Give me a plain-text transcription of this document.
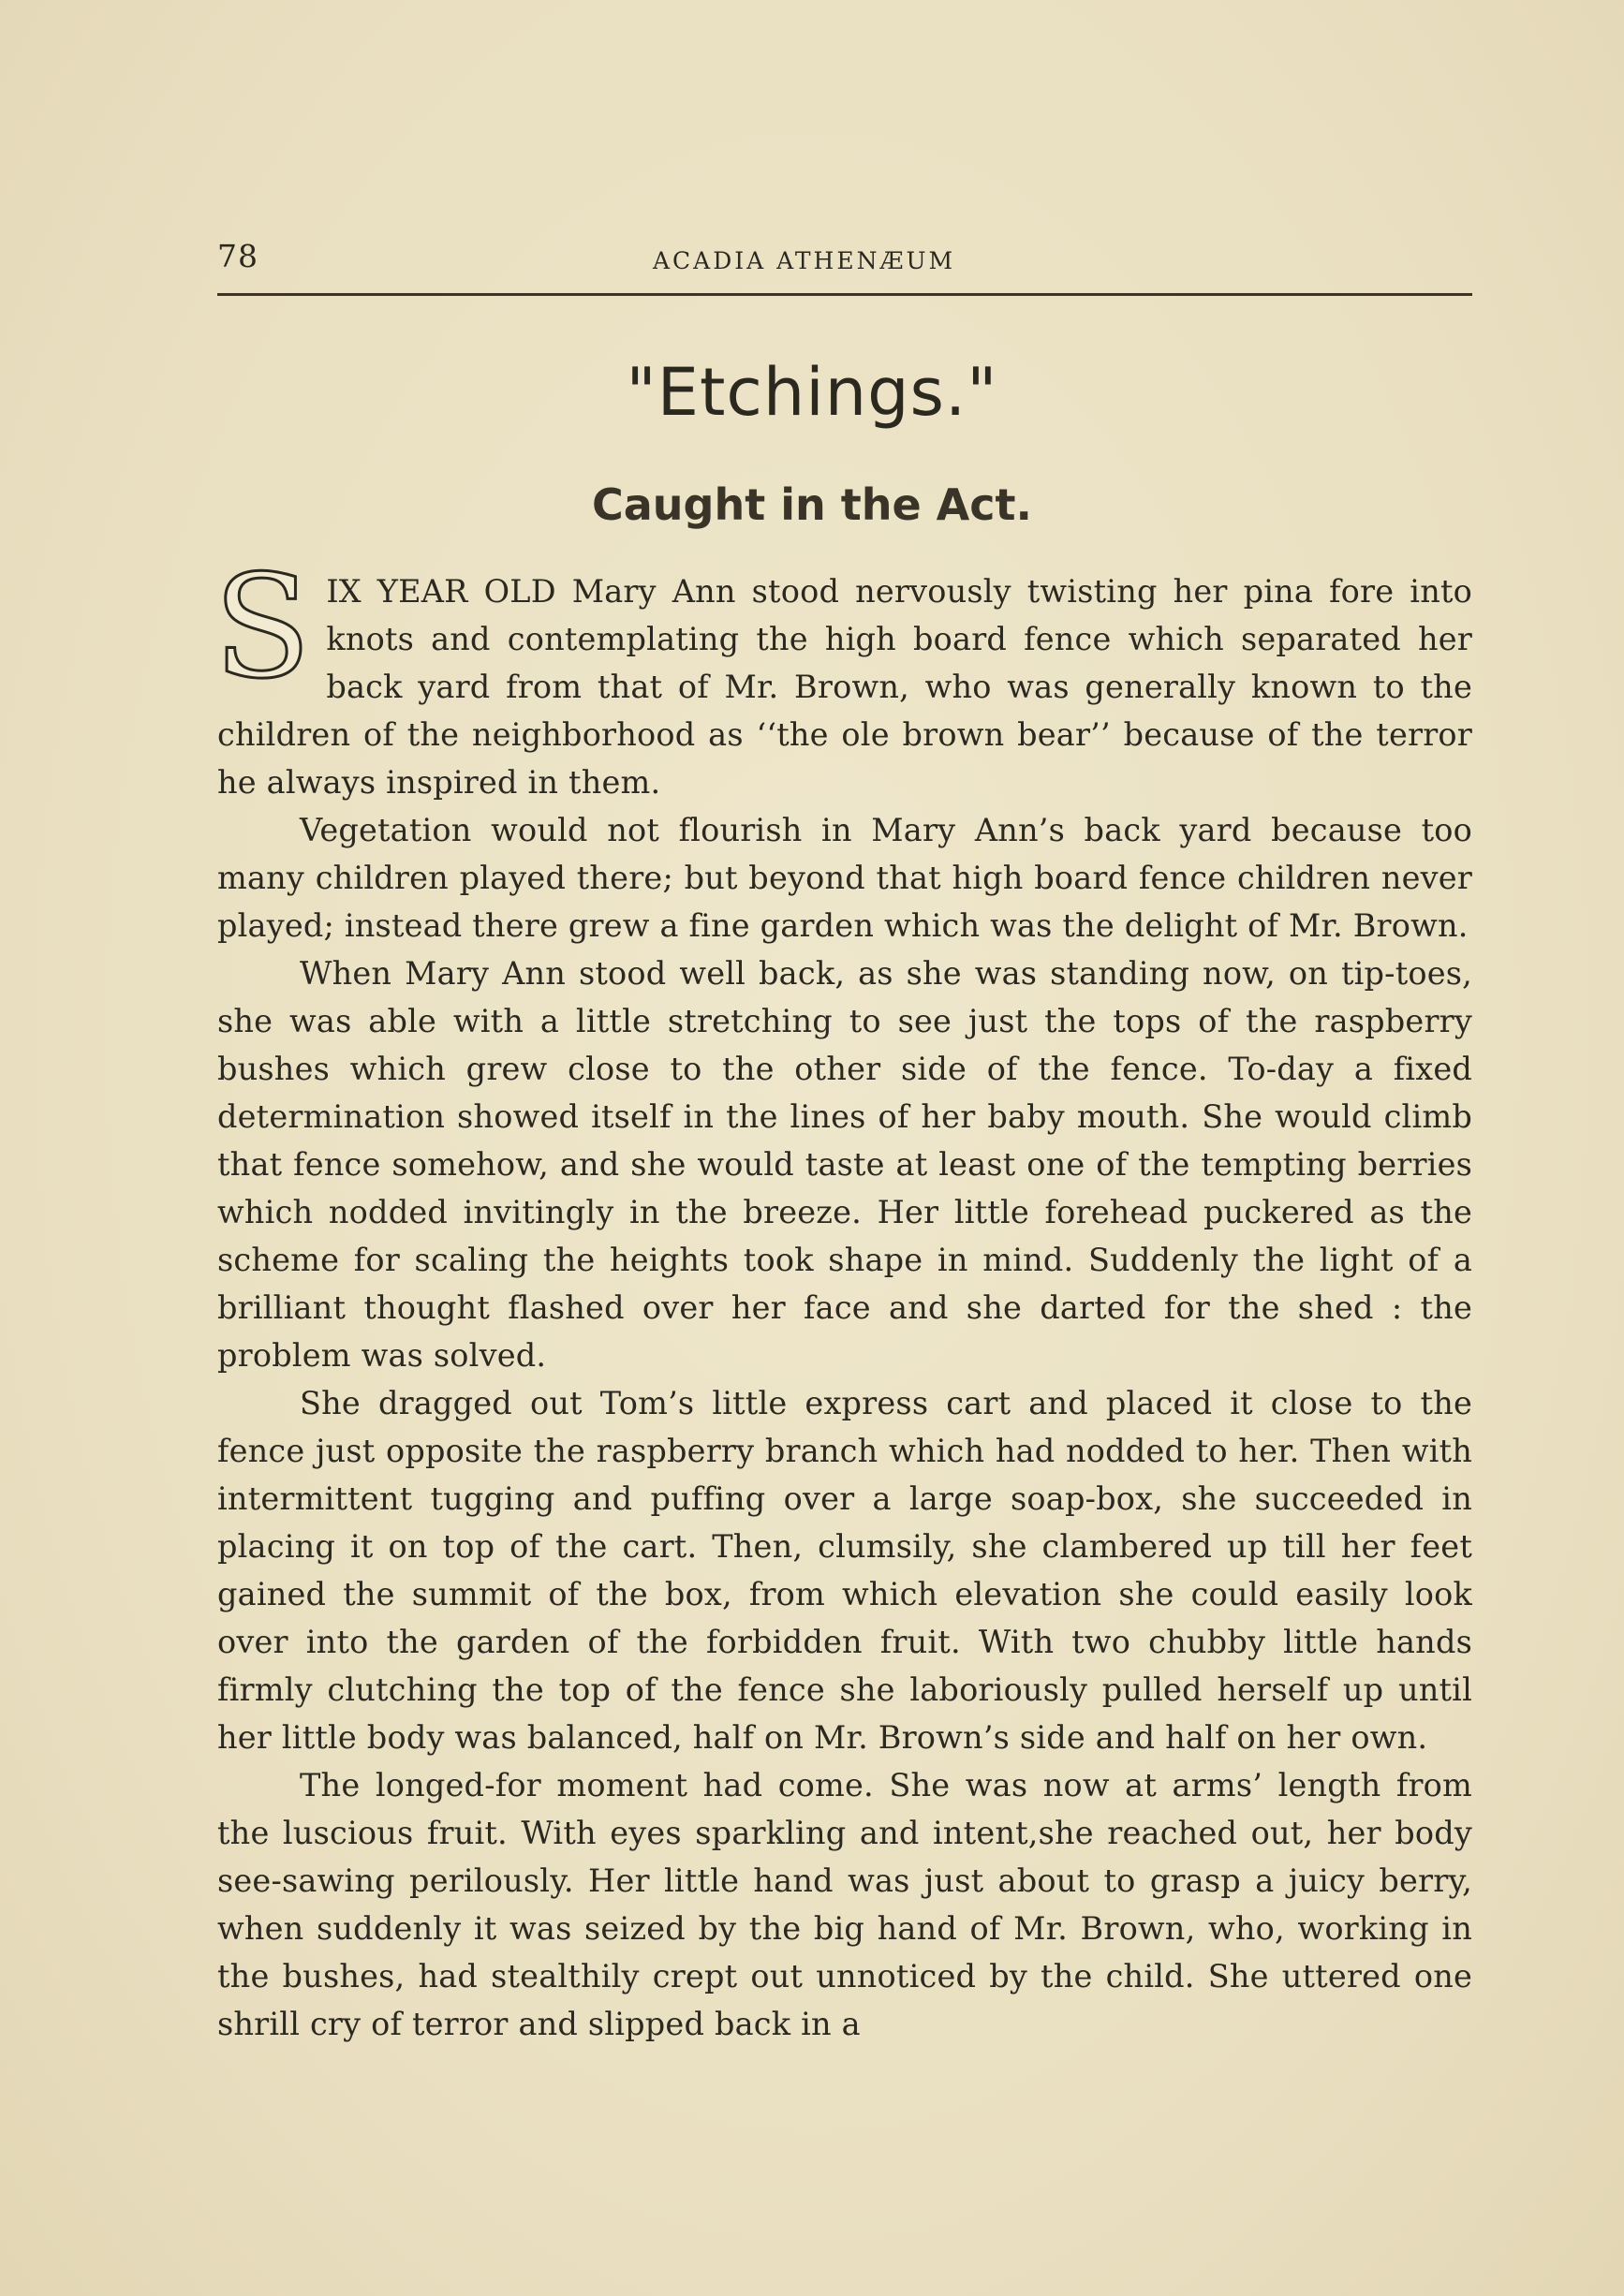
78	ACADIA ATHENÆUM
"Etchings."
Caught in the Act.

SIX YEAR OLD Mary Ann stood nervously twisting her pina fore into knots and contemplating the high board fence which separated her back yard from that of Mr. Brown, who was generally known to the children of the neighborhood as ‘‘the ole brown bear’’ because of the terror he always inspired in them.

Vegetation would not flourish in Mary Ann’s back yard because too many children played there; but beyond that high board fence children never played; instead there grew a fine garden which was the delight of Mr. Brown.

When Mary Ann stood well back, as she was standing now, on tip-toes, she was able with a little stretching to see just the tops of the raspberry bushes which grew close to the other side of the fence. To-day a fixed determination showed itself in the lines of her baby mouth. She would climb that fence somehow, and she would taste at least one of the tempting berries which nodded invitingly in the breeze. Her little forehead puckered as the scheme for scaling the heights took shape in mind. Suddenly the light of a brilliant thought flashed over her face and she darted for the shed : the problem was solved.

She dragged out Tom’s little express cart and placed it close to the fence just opposite the raspberry branch which had nodded to her. Then with intermittent tugging and puffing over a large soap-box, she succeeded in placing it on top of the cart. Then, clumsily, she clambered up till her feet gained the summit of the box, from which elevation she could easily look over into the garden of the forbidden fruit. With two chubby little hands firmly clutching the top of the fence she laboriously pulled herself up until her little body was balanced, half on Mr. Brown’s side and half on her own.

The longed-for moment had come. She was now at arms’ length from the luscious fruit. With eyes sparkling and intent,she reached out, her body see-sawing perilously. Her little hand was just about to grasp a juicy berry, when suddenly it was seized by the big hand of Mr. Brown, who, working in the bushes, had stealthily crept out unnoticed by the child. She uttered one shrill cry of terror and slipped back in a
